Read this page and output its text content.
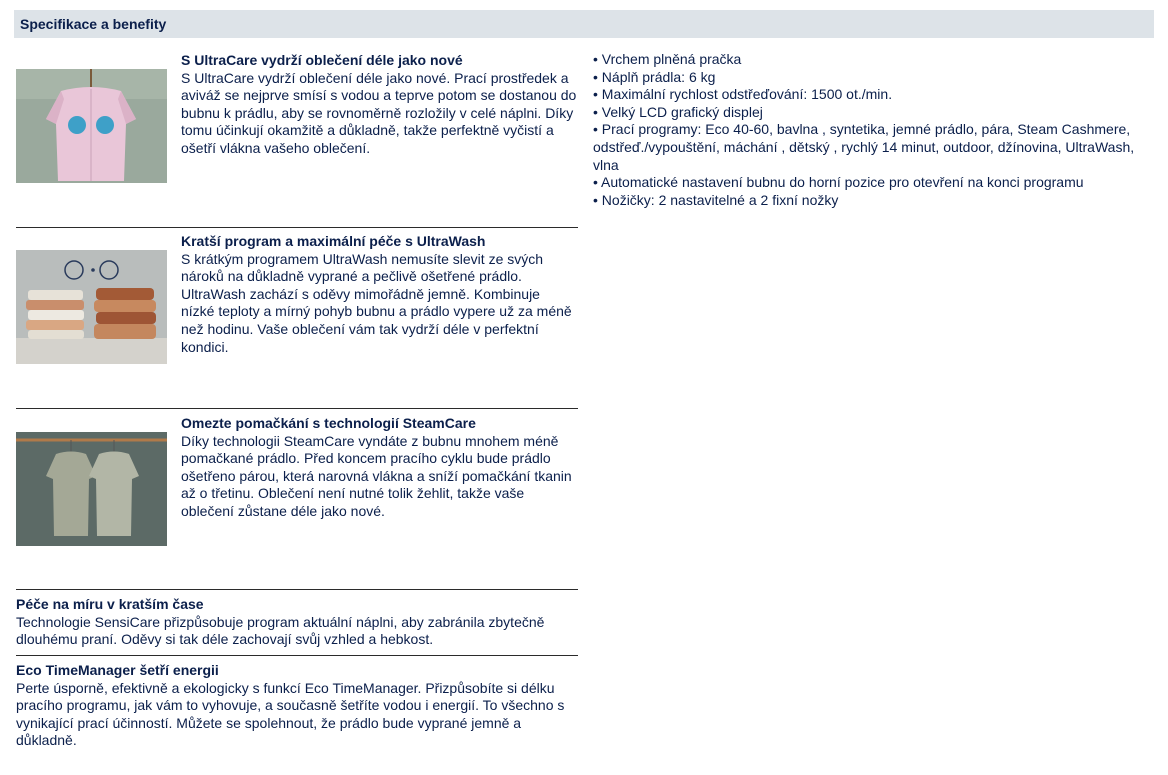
Specifikace a benefity
S UltraCare vydrží oblečení déle jako nové
S UltraCare vydrží oblečení déle jako nové. Prací prostředek a aviváž se nejprve smísí s vodou a teprve potom se dostanou do bubnu k prádlu, aby se rovnoměrně rozložily v celé náplni. Díky tomu účinkují okamžitě a důkladně, takže perfektně vyčistí a ošetří vlákna vašeho oblečení.
Kratší program a maximální péče s UltraWash
S krátkým programem UltraWash nemusíte slevit ze svých nároků na důkladně vyprané a pečlivě ošetřené prádlo. UltraWash zachází s oděvy mimořádně jemně. Kombinuje nízké teploty a mírný pohyb bubnu a prádlo vypere už za méně než hodinu. Vaše oblečení vám tak vydrží déle v perfektní kondici.
Omezte pomačkání s technologií SteamCare
Díky technologii SteamCare vyndáte z bubnu mnohem méně pomačkané prádlo. Před koncem pracího cyklu bude prádlo ošetřeno párou, která narovná vlákna a sníží pomačkání tkanin až o třetinu. Oblečení není nutné tolik žehlit, takže vaše oblečení zůstane déle jako nové.
Péče na míru v kratším čase
Technologie SensiCare přizpůsobuje program aktuální náplni, aby zabránila zbytečně dlouhému praní. Oděvy si tak déle zachovají svůj vzhled a hebkost.
Eco TimeManager šetří energii
Perte úsporně, efektivně a ekologicky s funkcí Eco TimeManager. Přizpůsobíte si délku pracího programu, jak vám to vyhovuje, a současně šetříte vodou i energií. To všechno s vynikající prací účinností. Můžete se spolehnout, že prádlo bude vyprané jemně a důkladně.
• Vrchem plněná pračka
• Náplň prádla: 6 kg
• Maximální rychlost odstřeďování: 1500 ot./min.
• Velký LCD grafický displej
• Prací programy: Eco 40-60, bavlna , syntetika, jemné prádlo, pára, Steam Cashmere, odstřeď./vypouštění, máchání , dětský , rychlý 14 minut, outdoor, džínovina, UltraWash, vlna
• Automatické nastavení bubnu do horní pozice pro otevření na konci programu
• Nožičky: 2 nastavitelné a 2 fixní nožky
